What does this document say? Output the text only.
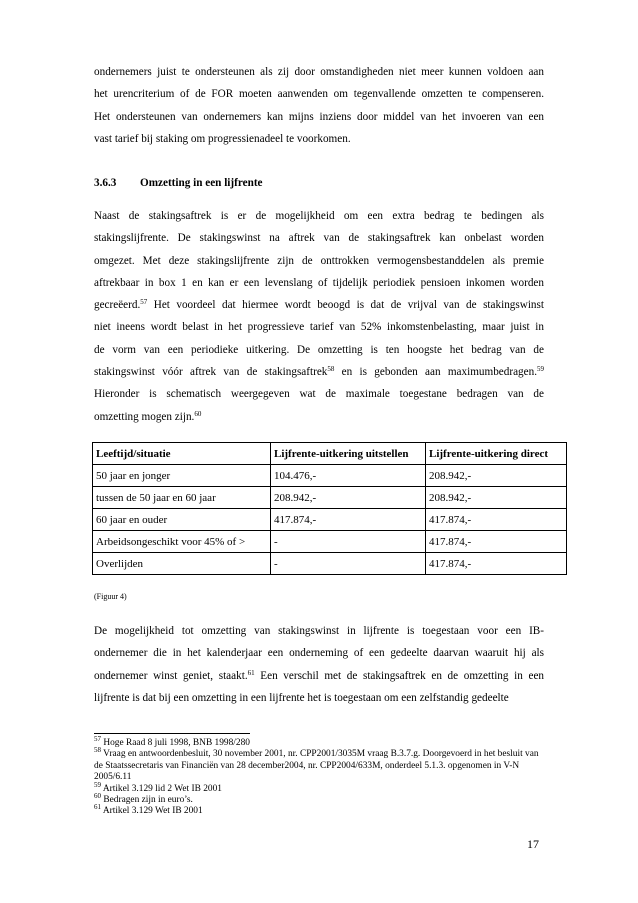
ondernemers juist te ondersteunen als zij door omstandigheden niet meer kunnen voldoen aan
het urencriterium of de FOR moeten aanwenden om tegenvallende omzetten te compenseren.
Het ondersteunen van ondernemers kan mijns inziens door middel van het invoeren van een
vast tarief bij staking om progressienadeel te voorkomen.
3.6.3 Omzetting in een lijfrente
Naast de stakingsaftrek is er de mogelijkheid om een extra bedrag te bedingen als
stakingslijfrente. De stakingswinst na aftrek van de stakingsaftrek kan onbelast worden
omgezet. Met deze stakingslijfrente zijn de onttrokken vermogensbestanddelen als premie
aftrekbaar in box 1 en kan er een levenslang of tijdelijk periodiek pensioen inkomen worden
gecreëerd.$^{57}$ Het voordeel dat hiermee wordt beoogd is dat de vrijval van de stakingswinst
niet ineens wordt belast in het progressieve tarief van 52% inkomstenbelasting, maar juist in
de vorm van een periodieke uitkering. De omzetting is ten hoogste het bedrag van de
stakingswinst vóór aftrek van de stakingsaftrek$^{58}$ en is gebonden aan maximumbedragen.$^{59}$
Hieronder is schematisch weergegeven wat de maximale toegestane bedragen van de
omzetting mogen zijn.$^{60}$
Leeftijd/situatie	Lijfrente-uitkering uitstellen	Lijfrente-uitkering direct
50 jaar en jonger	104.476,-	208.942,-
tussen de 50 jaar en 60 jaar	208.942,-	208.942,-
60 jaar en ouder	417.874,-	417.874,-
Arbeidsongeschikt voor 45% of >	-	417.874,-
Overlijden	-	417.874,-
(Figuur 4)
De mogelijkheid tot omzetting van stakingswinst in lijfrente is toegestaan voor een IB-
ondernemer die in het kalenderjaar een onderneming of een gedeelte daarvan waaruit hij als
ondernemer winst geniet, staakt.$^{61}$ Een verschil met de stakingsaftrek en de omzetting in een
lijfrente is dat bij een omzetting in een lijfrente het is toegestaan om een zelfstandig gedeelte
$^{57}$ Hoge Raad 8 juli 1998, BNB 1998/280
$^{58}$ Vraag en antwoordenbesluit, 30 november 2001, nr. CPP2001/3035M vraag B.3.7.g. Doorgevoerd in het besluit van de Staatssecretaris van Financiën van 28 december2004, nr. CPP2004/633M, onderdeel 5.1.3. opgenomen in V-N 2005/6.11
$^{59}$ Artikel 3.129 lid 2 Wet IB 2001
$^{60}$ Bedragen zijn in euro’s.
$^{61}$ Artikel 3.129 Wet IB 2001
17
